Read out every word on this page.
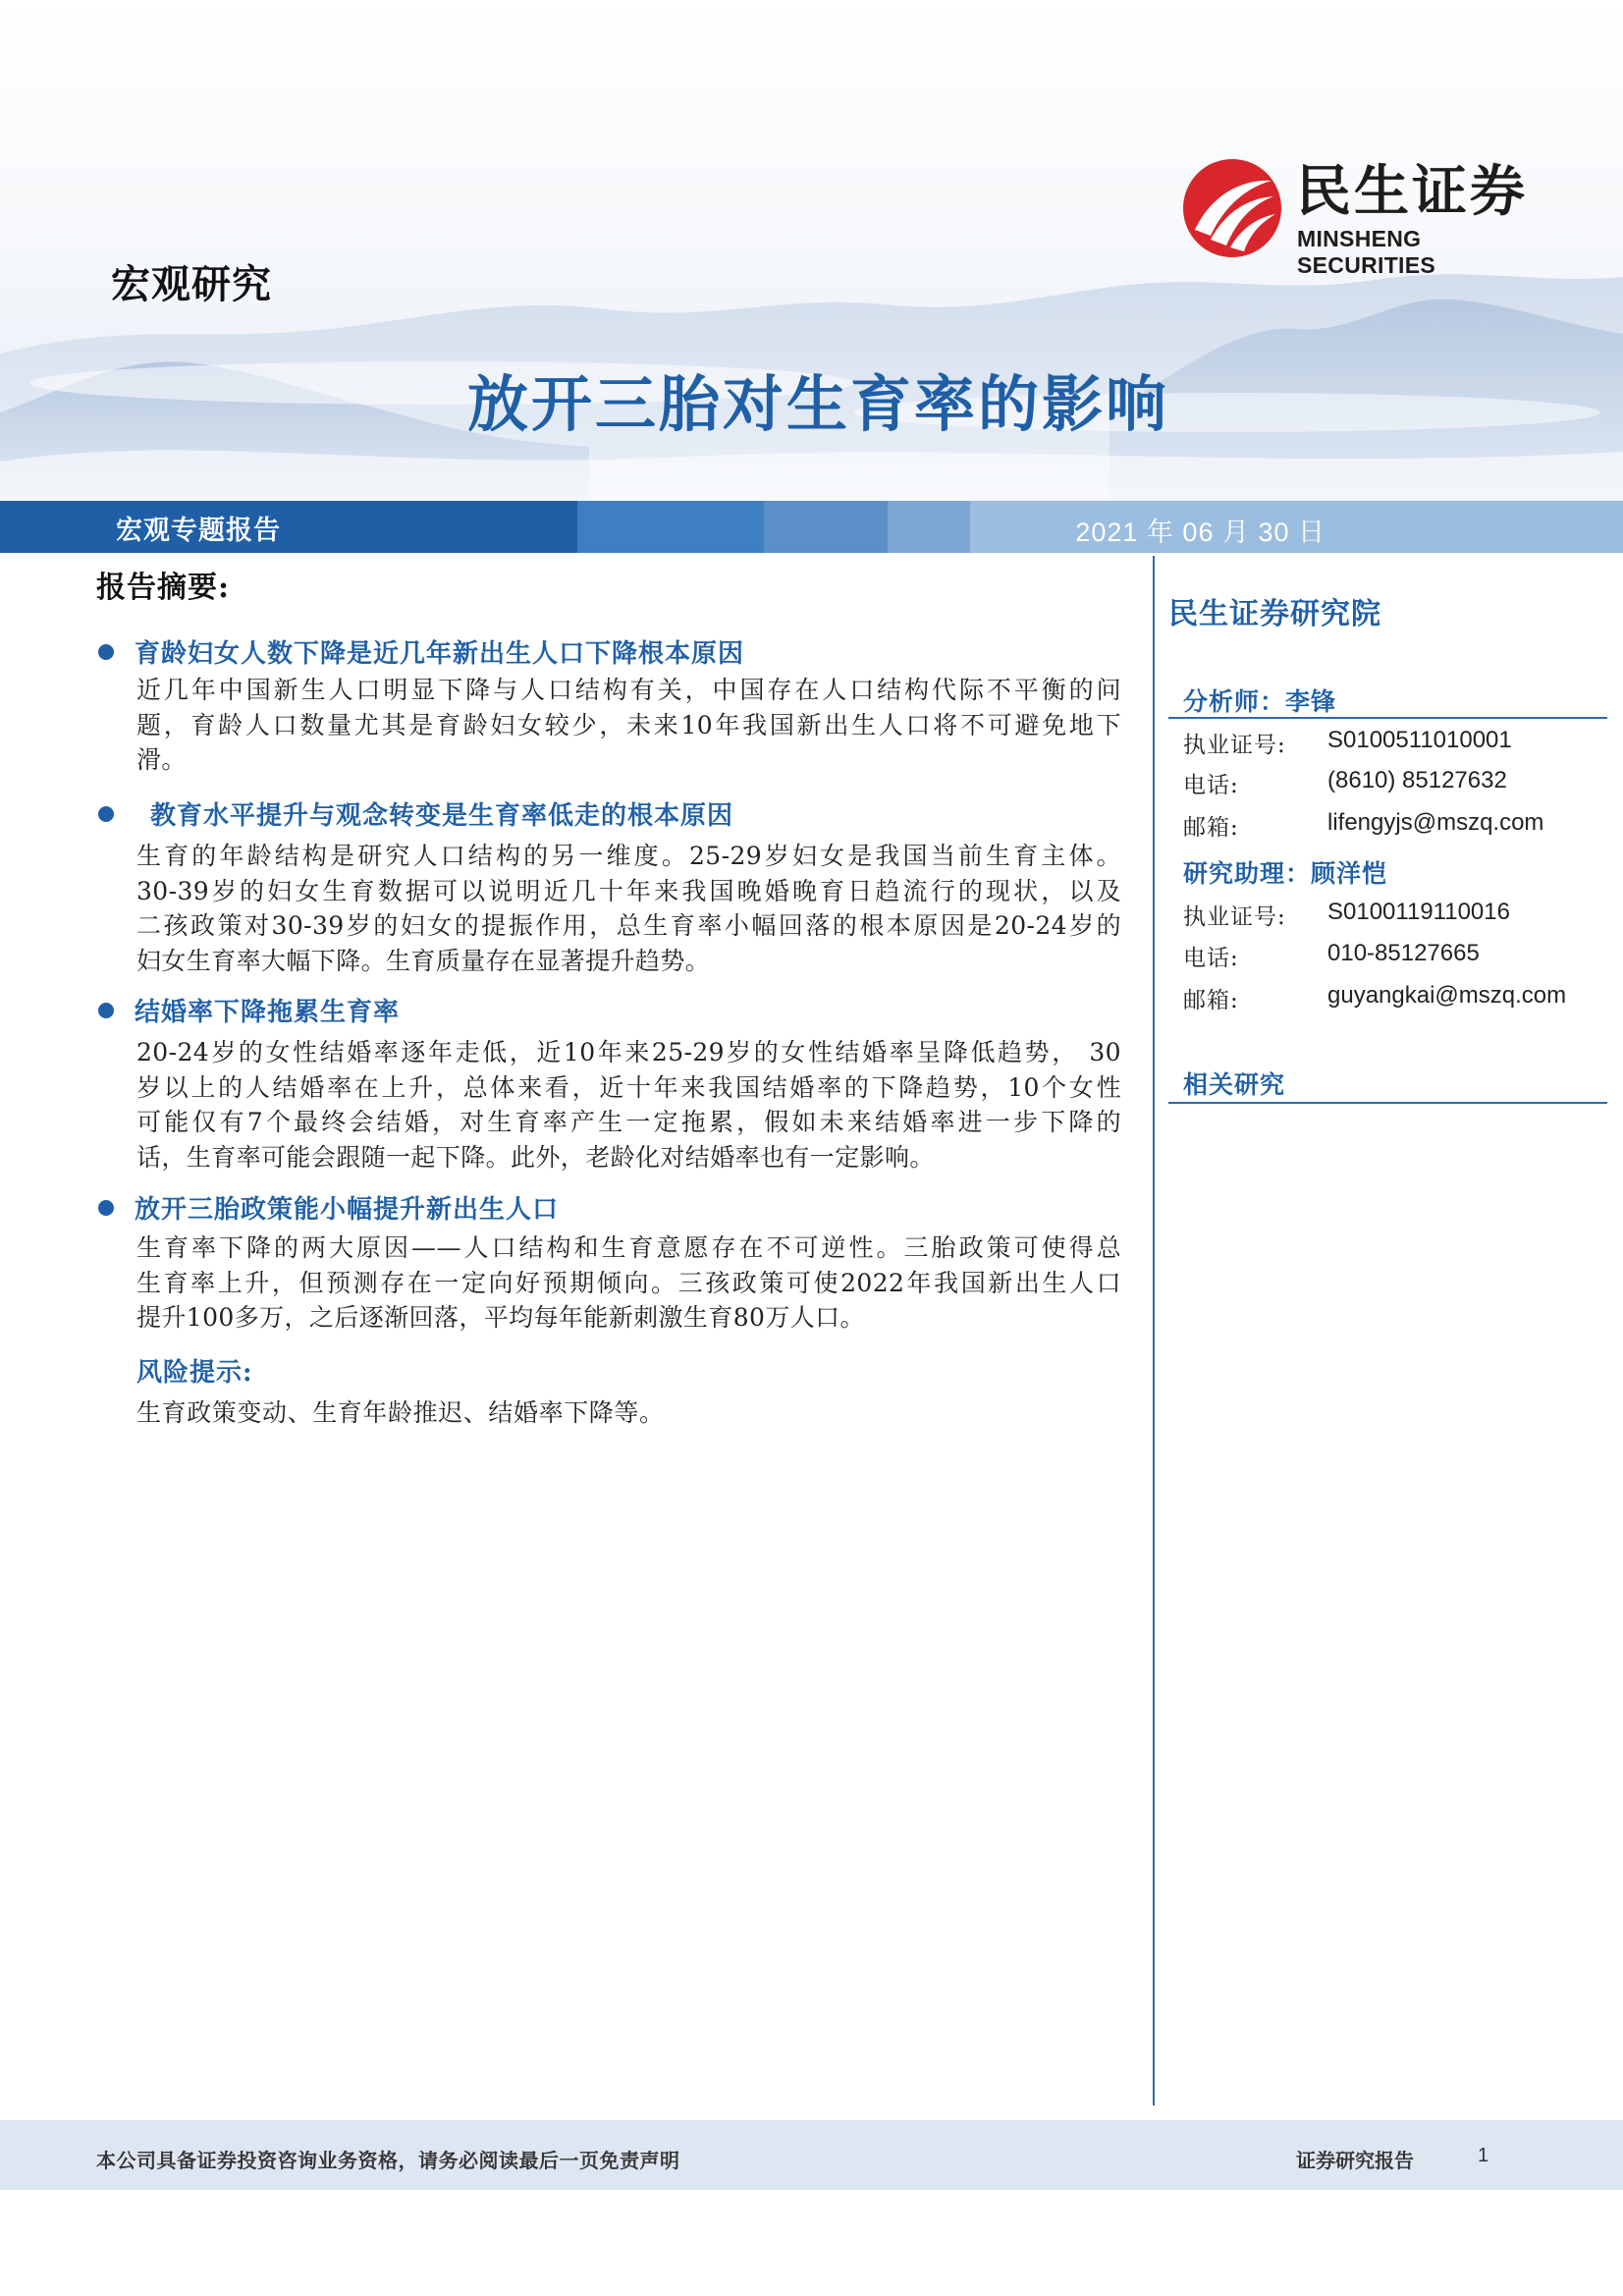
宏观研究
民生证券
MINSHENG SECURITIES
放开三胎对生育率的影响
宏观专题报告	2021 年 06 月 30 日
报告摘要:
育龄妇女人数下降是近几年新出生人口下降根本原因
近几年中国新生人口明显下降与人口结构有关，中国存在人口结构代际不平衡的问
题，育龄人口数量尤其是育龄妇女较少，未来10年我国新出生人口将不可避免地下
滑。
教育水平提升与观念转变是生育率低走的根本原因
生育的年龄结构是研究人口结构的另一维度。25-29岁妇女是我国当前生育主体。
30-39岁的妇女生育数据可以说明近几十年来我国晚婚晚育日趋流行的现状，以及
二孩政策对30-39岁的妇女的提振作用，总生育率小幅回落的根本原因是20-24岁的
妇女生育率大幅下降。生育质量存在显著提升趋势。
结婚率下降拖累生育率
20-24岁的女性结婚率逐年走低，近10年来25-29岁的女性结婚率呈降低趋势， 30
岁以上的人结婚率在上升，总体来看，近十年来我国结婚率的下降趋势，10个女性
可能仅有7个最终会结婚，对生育率产生一定拖累，假如未来结婚率进一步下降的
话，生育率可能会跟随一起下降。此外，老龄化对结婚率也有一定影响。
放开三胎政策能小幅提升新出生人口
生育率下降的两大原因——人口结构和生育意愿存在不可逆性。三胎政策可使得总
生育率上升，但预测存在一定向好预期倾向。三孩政策可使2022年我国新出生人口
提升100多万，之后逐渐回落，平均每年能新刺激生育80万人口。
风险提示:
生育政策变动、生育年龄推迟、结婚率下降等。
民生证券研究院
分析师：李锋
执业证号: S0100511010001
电话:	(8610) 85127632
邮箱:	lifengyjs@mszq.com
研究助理：顾洋恺
执业证号: S0100119110016
电话:	010-85127665
邮箱:	guyangkai@mszq.com
相关研究
本公司具备证券投资咨询业务资格，请务必阅读最后一页免责声明	证券研究报告	1
